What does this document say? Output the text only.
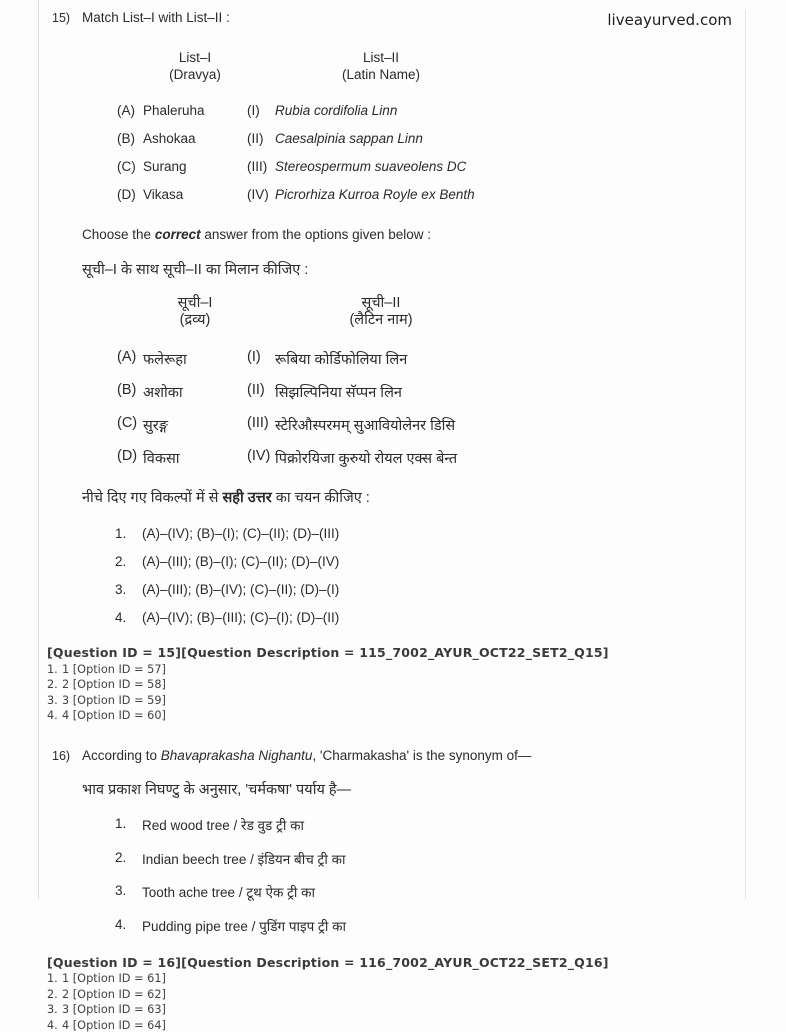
liveayurved.com
15) Match List–I with List–II :
List–I
(Dravya)
List–II
(Latin Name)
(A) Phaleruha	(I)	Rubia cordifolia Linn
(B) Ashokaa	(II) Caesalpinia sappan Linn
(C) Surang	(III) Stereospermum suaveolens DC
(D) Vikasa	(IV) Picrorhiza Kurroa Royle ex Benth
Choose the correct answer from the options given below :
सूची–I के साथ सूची–II का मिलान कीजिए :
सूची–I
(द्रव्य)
सूची–II
(लैटिन नाम)
(A) फलेरूहा	(I) रूबिया कोर्डिफोलिया लिन
(B) अशोका	(II) सिझल्पिनिया सॅप्पन लिन
(C) सुरङ्ग	(III) स्टेरिऔस्परमम् सुआवियोलेनर डिसि
(D) विकसा	(IV) पिक्रोरयिजा कुरुयो रोयल एक्स बेन्त
नीचे दिए गए विकल्पों में से सही उत्तर का चयन कीजिए :
1.	(A)–(IV); (B)–(I); (C)–(II); (D)–(III)
2.	(A)–(III); (B)–(I); (C)–(II); (D)–(IV)
3.	(A)–(III); (B)–(IV); (C)–(II); (D)–(I)
4.	(A)–(IV); (B)–(III); (C)–(I); (D)–(II)
[Question ID = 15][Question Description = 115_7002_AYUR_OCT22_SET2_Q15]
1. 1 [Option ID = 57]
2. 2 [Option ID = 58]
3. 3 [Option ID = 59]
4. 4 [Option ID = 60]
16) According to Bhavaprakasha Nighantu, 'Charmakasha' is the synonym of—
भाव प्रकाश निघण्टु के अनुसार, 'चर्मकषा' पर्याय है—
1.	Red wood tree / रेड वुड ट्री का
2.	Indian beech tree / इंडियन बीच ट्री का
3.	Tooth ache tree / टूथ ऐक ट्री का
4.	Pudding pipe tree / पुडिंग पाइप ट्री का
[Question ID = 16][Question Description = 116_7002_AYUR_OCT22_SET2_Q16]
1. 1 [Option ID = 61]
2. 2 [Option ID = 62]
3. 3 [Option ID = 63]
4. 4 [Option ID = 64]
